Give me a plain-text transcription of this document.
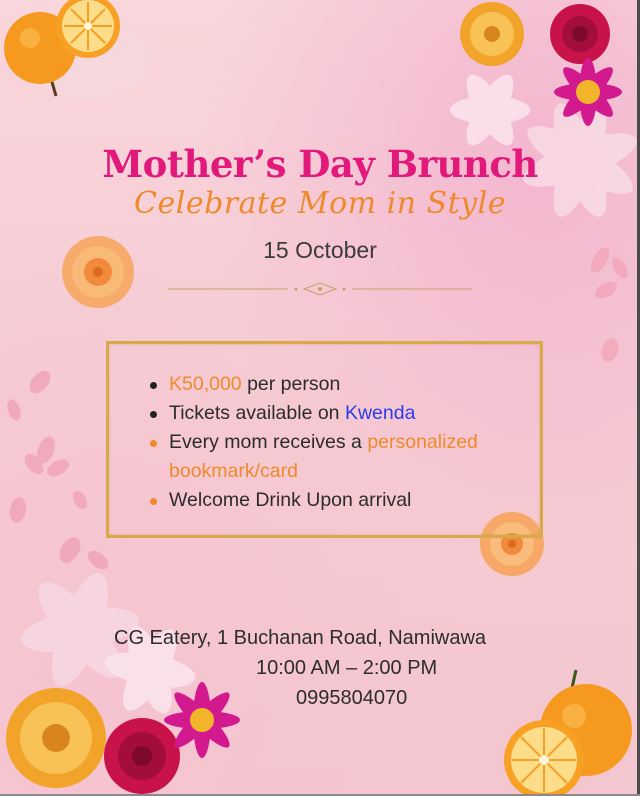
Mother’s Day Brunch
Celebrate Mom in Style
15 October
K50,000 per person
Tickets available on Kwenda
Every mom receives a personalized
bookmark/card
Welcome Drink Upon arrival
CG Eatery, 1 Buchanan Road, Namiwawa
10:00 AM – 2:00 PM
0995804070
